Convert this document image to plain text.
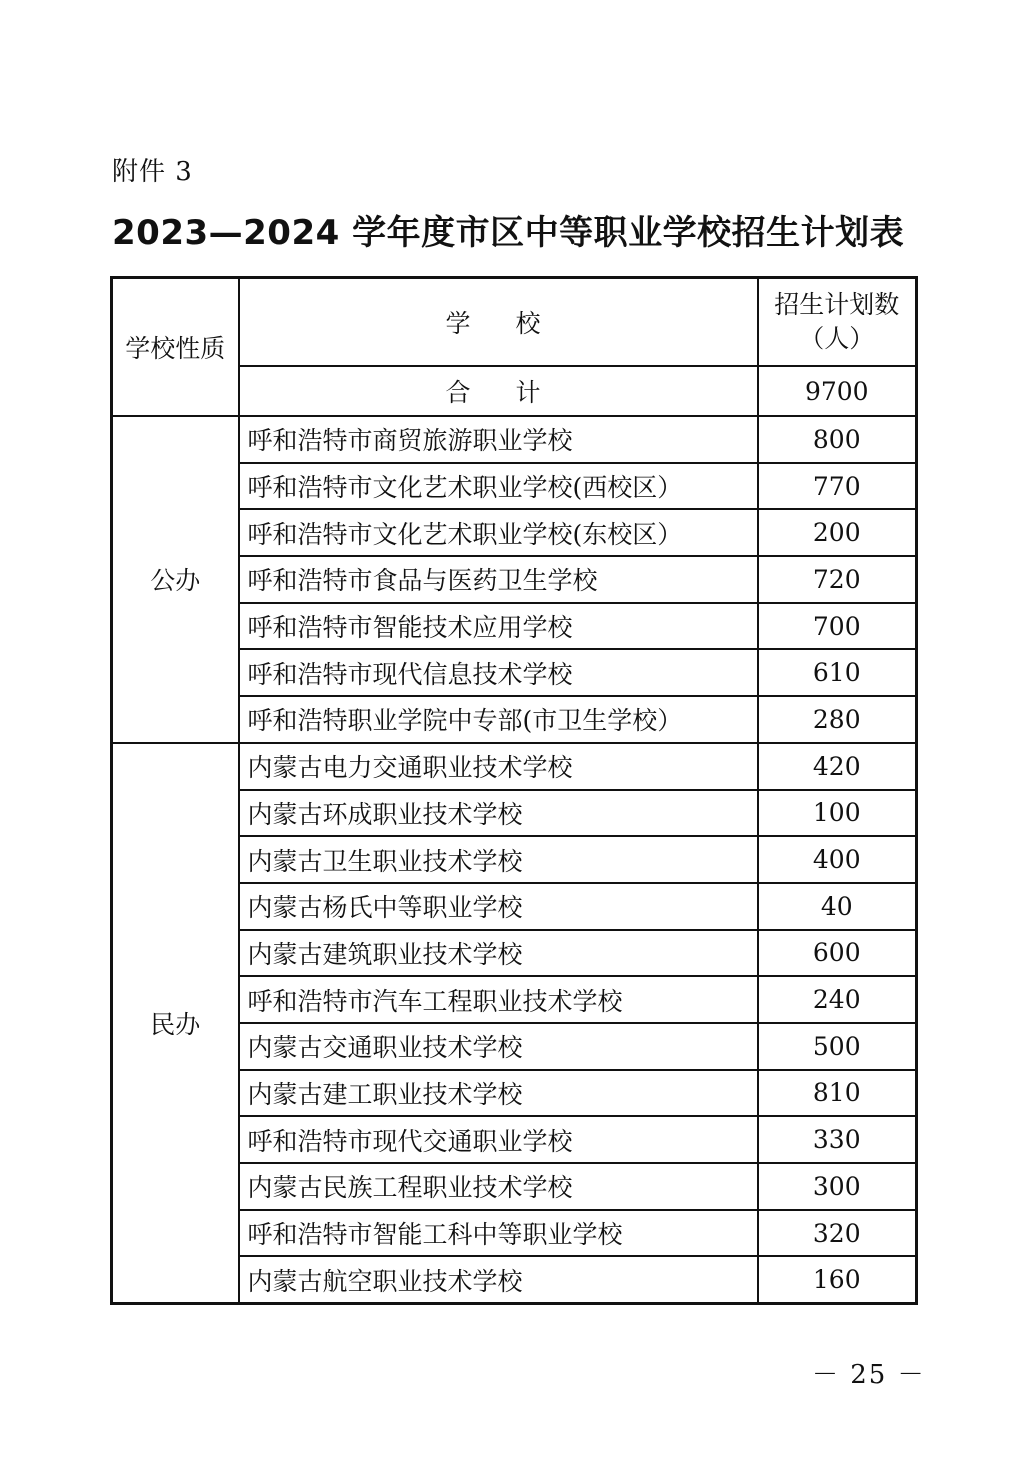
附件 3
2023—2024 学年度市区中等职业学校招生计划表
学校性质	学　校	招生计划数
（人）

	合　计	9700
公办	呼和浩特市商贸旅游职业学校	800
	呼和浩特市文化艺术职业学校(西校区）	770
	呼和浩特市文化艺术职业学校(东校区）	200
	呼和浩特市食品与医药卫生学校	720
	呼和浩特市智能技术应用学校	700
	呼和浩特市现代信息技术学校	610
	呼和浩特职业学院中专部(市卫生学校）	280
民办	内蒙古电力交通职业技术学校	420
	内蒙古环成职业技术学校	100
	内蒙古卫生职业技术学校	400
	内蒙古杨氏中等职业学校	40
	内蒙古建筑职业技术学校	600
	呼和浩特市汽车工程职业技术学校	240
	内蒙古交通职业技术学校	500
	内蒙古建工职业技术学校	810
	呼和浩特市现代交通职业学校	330
	内蒙古民族工程职业技术学校	300
	呼和浩特市智能工科中等职业学校	320
	内蒙古航空职业技术学校	160
－ 25 －
